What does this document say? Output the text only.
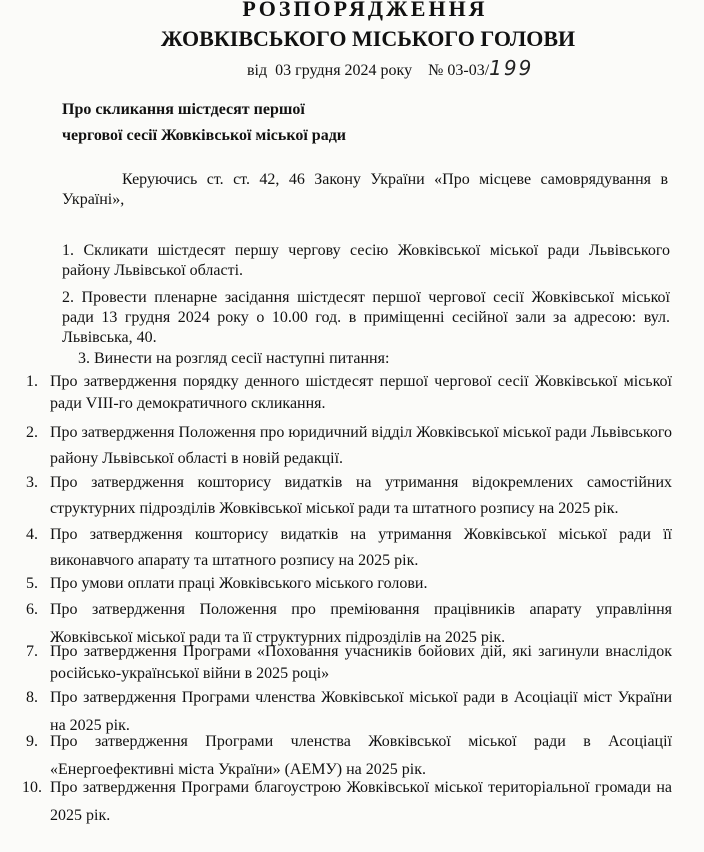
РОЗПОРЯДЖЕННЯ
ЖОВКІВСЬКОГО МІСЬКОГО ГОЛОВИ
від  03 грудня 2024 року    № 03-03/199
Про скликання шістдесят першої
чергової сесії Жовківської міської ради
Керуючись ст. ст. 42, 46 Закону України «Про місцеве самоврядування в Україні»,
1. Скликати шістдесят першу чергову сесію Жовківської міської ради Львівського району Львівської області.
2. Провести пленарне засідання шістдесят першої чергової сесії Жовківської міської ради 13 грудня 2024 року о 10.00 год. в приміщенні сесійної зали за адресою: вул. Львівська, 40.
3. Винести на розгляд сесії наступні питання:
1. Про затвердження порядку денного шістдесят першої чергової сесії Жовківської міської ради VIII-го демократичного скликання.
2. Про затвердження Положення про юридичний відділ Жовківської міської ради Львівського району Львівської області в новій редакції.
3. Про затвердження кошторису видатків на утримання відокремлених самостійних структурних підрозділів Жовківської міської ради та штатного розпису на 2025 рік.
4. Про затвердження кошторису видатків на утримання Жовківської міської ради її виконавчого апарату та штатного розпису на 2025 рік.
5. Про умови оплати праці Жовківського міського голови.
6. Про затвердження Положення про преміювання працівників апарату управління Жовківської міської ради та її структурних підрозділів на 2025 рік.
7. Про затвердження Програми «Поховання учасників бойових дій, які загинули внаслідок російсько-української війни в 2025 році»
8. Про затвердження Програми членства Жовківської міської ради в Асоціації міст України на 2025 рік.
9. Про затвердження Програми членства Жовківської міської ради в Асоціації «Енергоефективні міста України» (АЕМУ) на 2025 рік.
10. Про затвердження Програми благоустрою Жовківської міської територіальної громади на 2025 рік.
